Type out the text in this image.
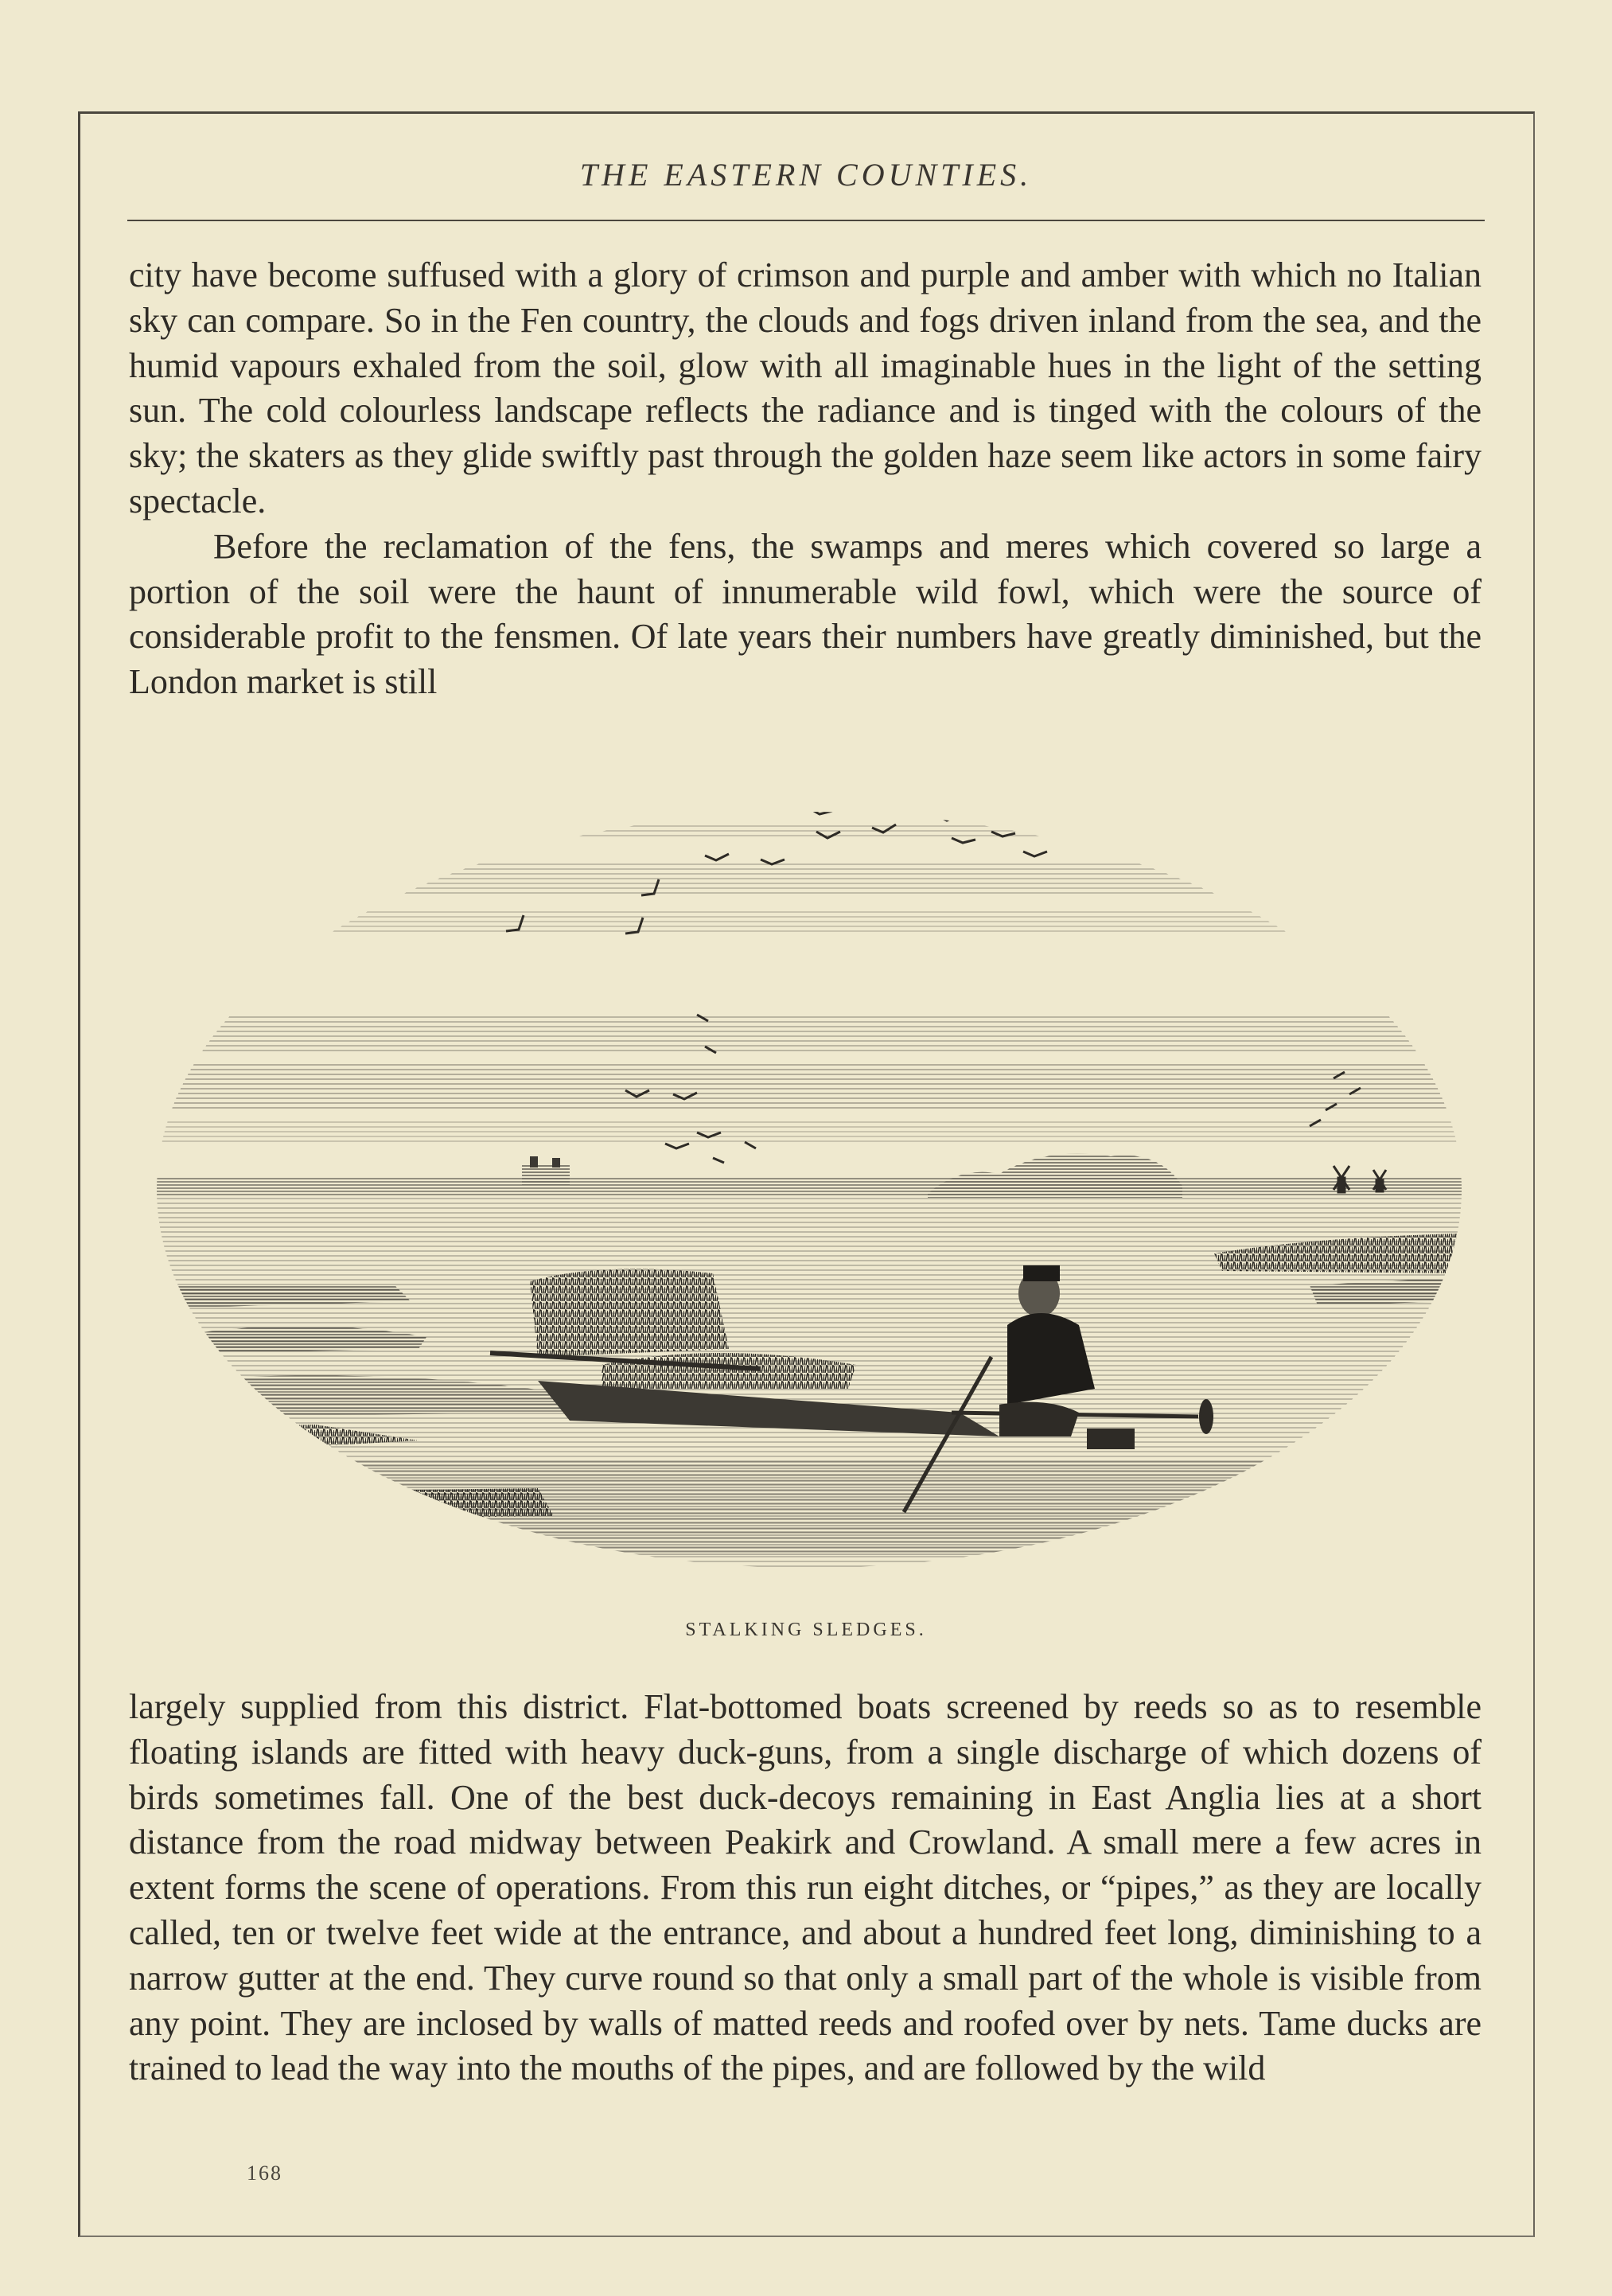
THE EASTERN COUNTIES.

city have become suffused with a glory of crimson and purple and amber with which no Italian sky can compare. So in the Fen country, the clouds and fogs driven inland from the sea, and the humid vapours exhaled from the soil, glow with all imaginable hues in the light of the setting sun. The cold colourless landscape reflects the radiance and is tinged with the colours of the sky; the skaters as they glide swiftly past through the golden haze seem like actors in some fairy spectacle.

Before the reclamation of the fens, the swamps and meres which covered so large a portion of the soil were the haunt of innumerable wild fowl, which were the source of considerable profit to the fensmen. Of late years their numbers have greatly diminished, but the London market is still

STALKING SLEDGES.

largely supplied from this district. Flat-bottomed boats screened by reeds so as to resemble floating islands are fitted with heavy duck-guns, from a single discharge of which dozens of birds sometimes fall. One of the best duck-decoys remaining in East Anglia lies at a short distance from the road midway between Peakirk and Crowland. A small mere a few acres in extent forms the scene of operations. From this run eight ditches, or “pipes,” as they are locally called, ten or twelve feet wide at the entrance, and about a hundred feet long, diminishing to a narrow gutter at the end. They curve round so that only a small part of the whole is visible from any point. They are inclosed by walls of matted reeds and roofed over by nets. Tame ducks are trained to lead the way into the mouths of the pipes, and are followed by the wild

168
